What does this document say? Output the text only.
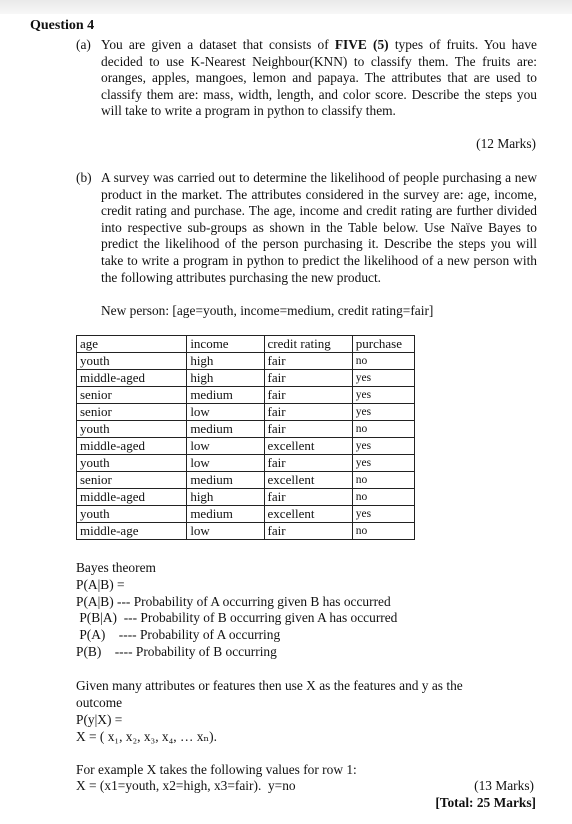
Question 4

(a) You are given a dataset that consists of FIVE (5) types of fruits. You have decided to use K-Nearest Neighbour(KNN) to classify them. The fruits are: oranges, apples, mangoes, lemon and papaya. The attributes that are used to classify them are: mass, width, length, and color score. Describe the steps you will take to write a program in python to classify them.

(12 Marks)

(b) A survey was carried out to determine the likelihood of people purchasing a new product in the market. The attributes considered in the survey are: age, income, credit rating and purchase. The age, income and credit rating are further divided into respective sub-groups as shown in the Table below. Use Naïve Bayes to predict the likelihood of the person purchasing it. Describe the steps you will take to write a program in python to predict the likelihood of a new person with the following attributes purchasing the new product.

New person: [age=youth, income=medium, credit rating=fair]

age	income	credit rating	purchase
youth	high	fair	no
middle-aged	high	fair	yes
senior	medium	fair	yes
senior	low	fair	yes
youth	medium	fair	no
middle-aged	low	excellent	yes
youth	low	fair	yes
senior	medium	excellent	no
middle-aged	high	fair	no
youth	medium	excellent	yes
middle-age	low	fair	no

Bayes theorem

P(A|B) =

P(A|B) --- Probability of A occurring given B has occurred

P(B|A)  --- Probability of B occurring given A has occurred

P(A)    ---- Probability of A occurring

P(B)    ---- Probability of B occurring

Given many attributes or features then use X as the features and y as the

outcome

P(y|X) =

X = ( x₁, x₂, x₃, x₄, … xₙ).

For example X takes the following values for row 1:

X = (x1=youth, x2=high, x3=fair).  y=no	(13 Marks)

[Total: 25 Marks]
